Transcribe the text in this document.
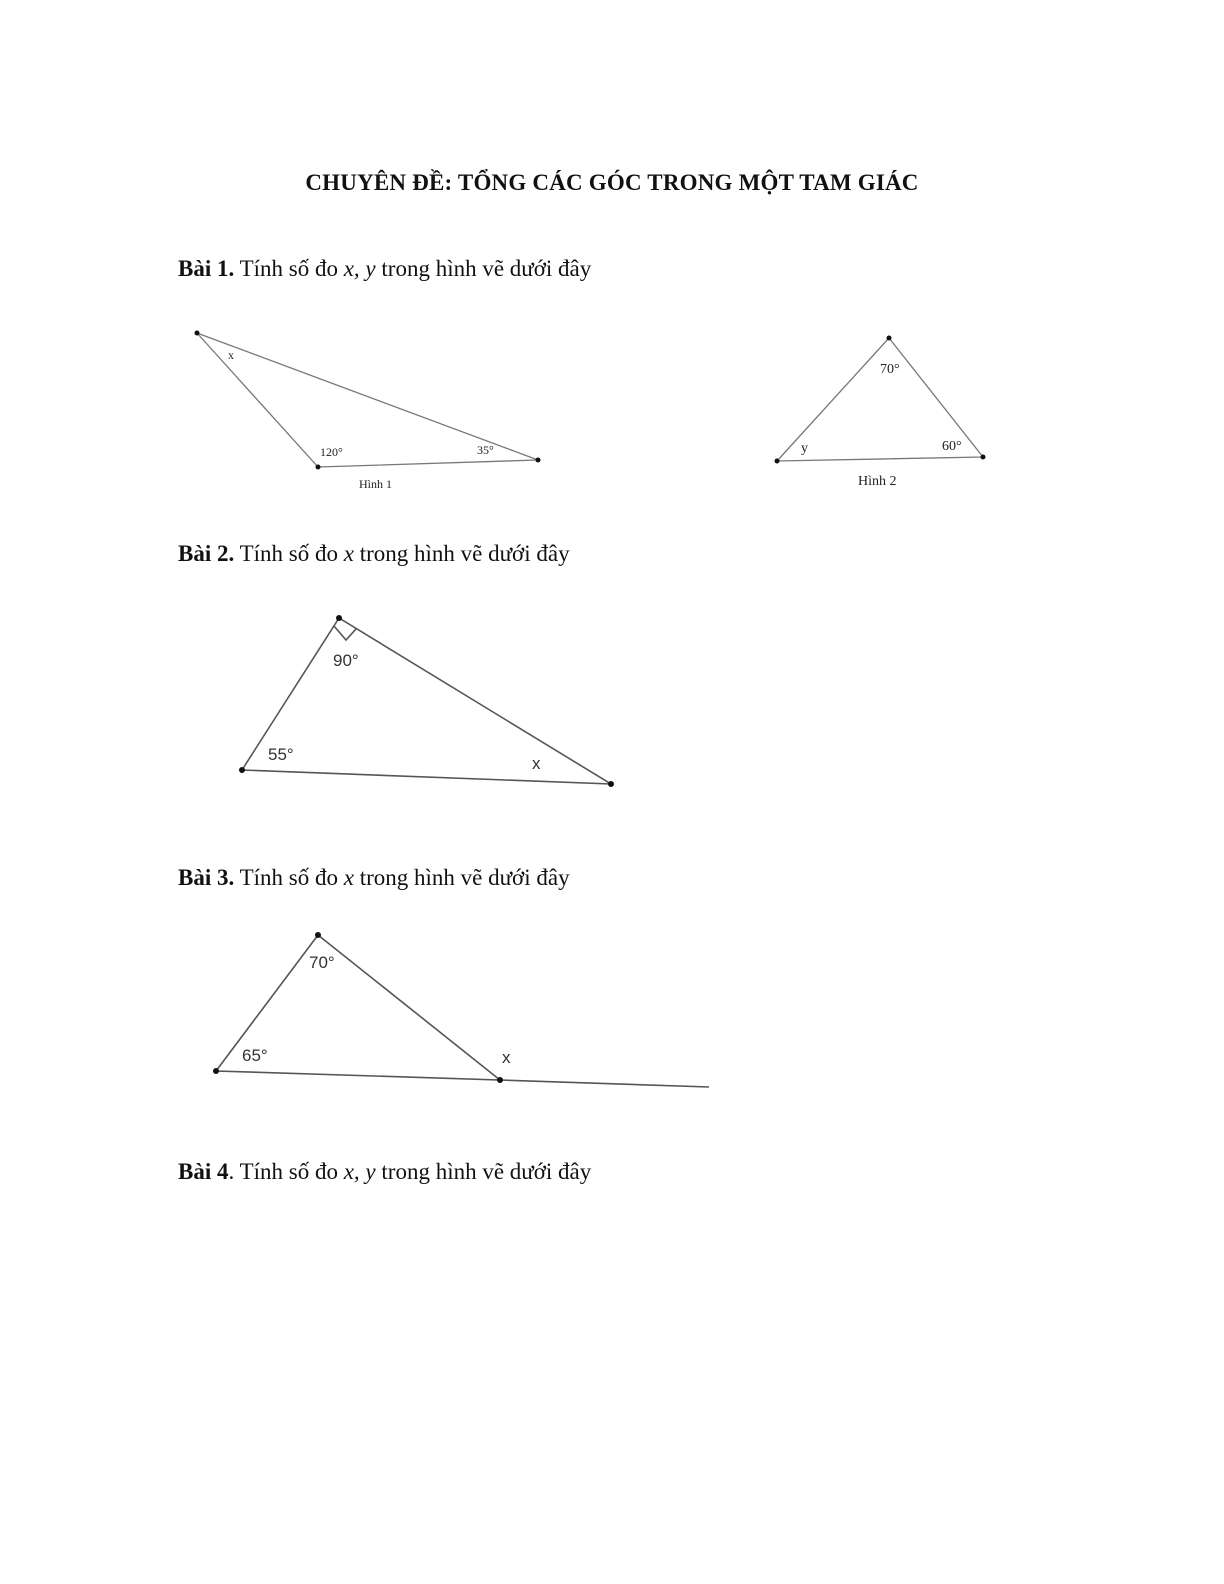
CHUYÊN ĐỀ: TỔNG CÁC GÓC TRONG MỘT TAM GIÁC
Bài 1. Tính số đo x, y trong hình vẽ dưới đây
Bài 2. Tính số đo x trong hình vẽ dưới đây
Bài 3. Tính số đo x trong hình vẽ dưới đây
Bài 4. Tính số đo x, y trong hình vẽ dưới đây
x
120°	35°
Hình 1
70°
y	60°
Hình 2
90°
55°	x
70°
65°	x
